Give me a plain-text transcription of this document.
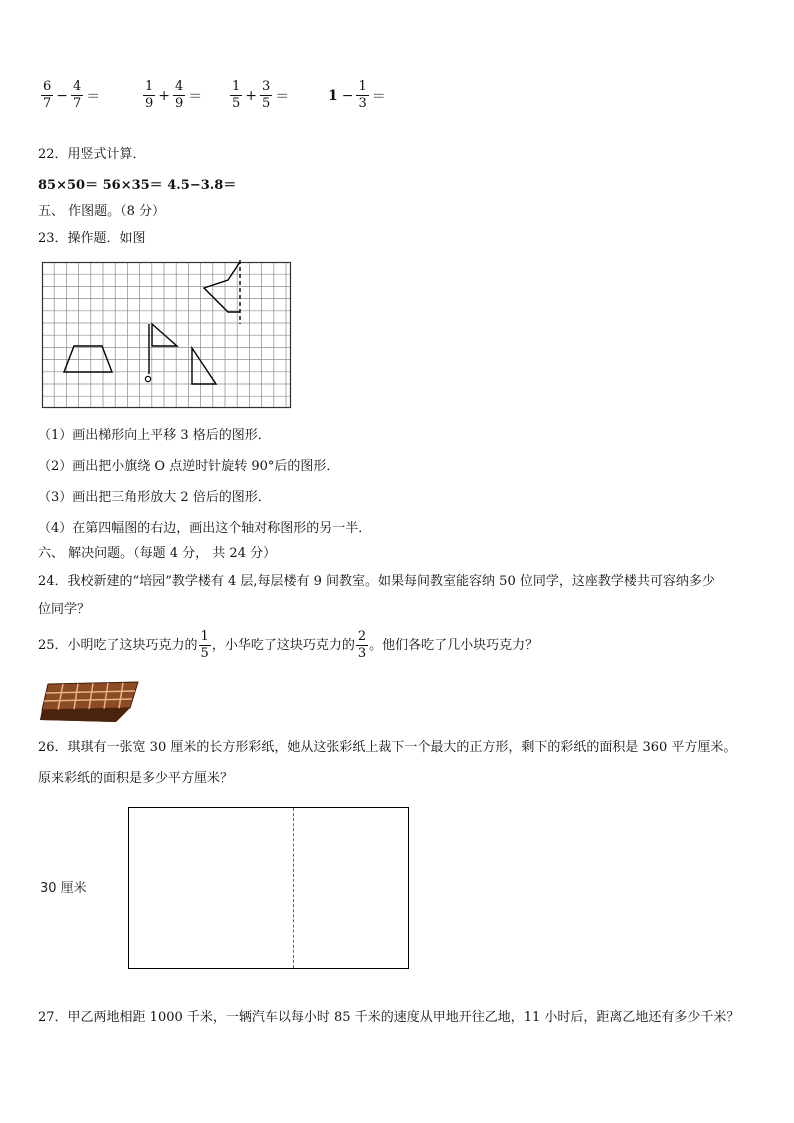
$\frac{6}{7} - \frac{4}{7}$ ＝	$\frac{1}{9} + \frac{4}{9} = \frac{1}{5} + \frac{3}{5}$ ＝	$1 - \frac{1}{3}$ ＝
22．用竖式计算．
85×50＝ 56×35＝ 4.5−3.8＝
五、 作图题。（8 分）
23．操作题．如图
（1）画出梯形向上平移 3 格后的图形．
（2）画出把小旗绕 O 点逆时针旋转 90°后的图形．
（3）画出把三角形放大 2 倍后的图形．
（4）在第四幅图的右边，画出这个轴对称图形的另一半．
六、 解决问题。（每题 4 分， 共 24 分）
24．我校新建的“培园”教学楼有 4 层,每层楼有 9 间教室。如果每间教室能容纳 50 位同学，这座教学楼共可容纳多少
位同学？
25．小明吃了这块巧克力的 $\frac{1}{5}$ ，小华吃了这块巧克力的 $\frac{2}{3}$ 。他们各吃了几小块巧克力？
26．琪琪有一张宽 30 厘米的长方形彩纸，她从这张彩纸上裁下一个最大的正方形，剩下的彩纸的面积是 360 平方厘米。
原来彩纸的面积是多少平方厘米？
30 厘米
27．甲乙两地相距 1000 千米，一辆汽车以每小时 85 千米的速度从甲地开往乙地，11 小时后，距离乙地还有多少千米？
